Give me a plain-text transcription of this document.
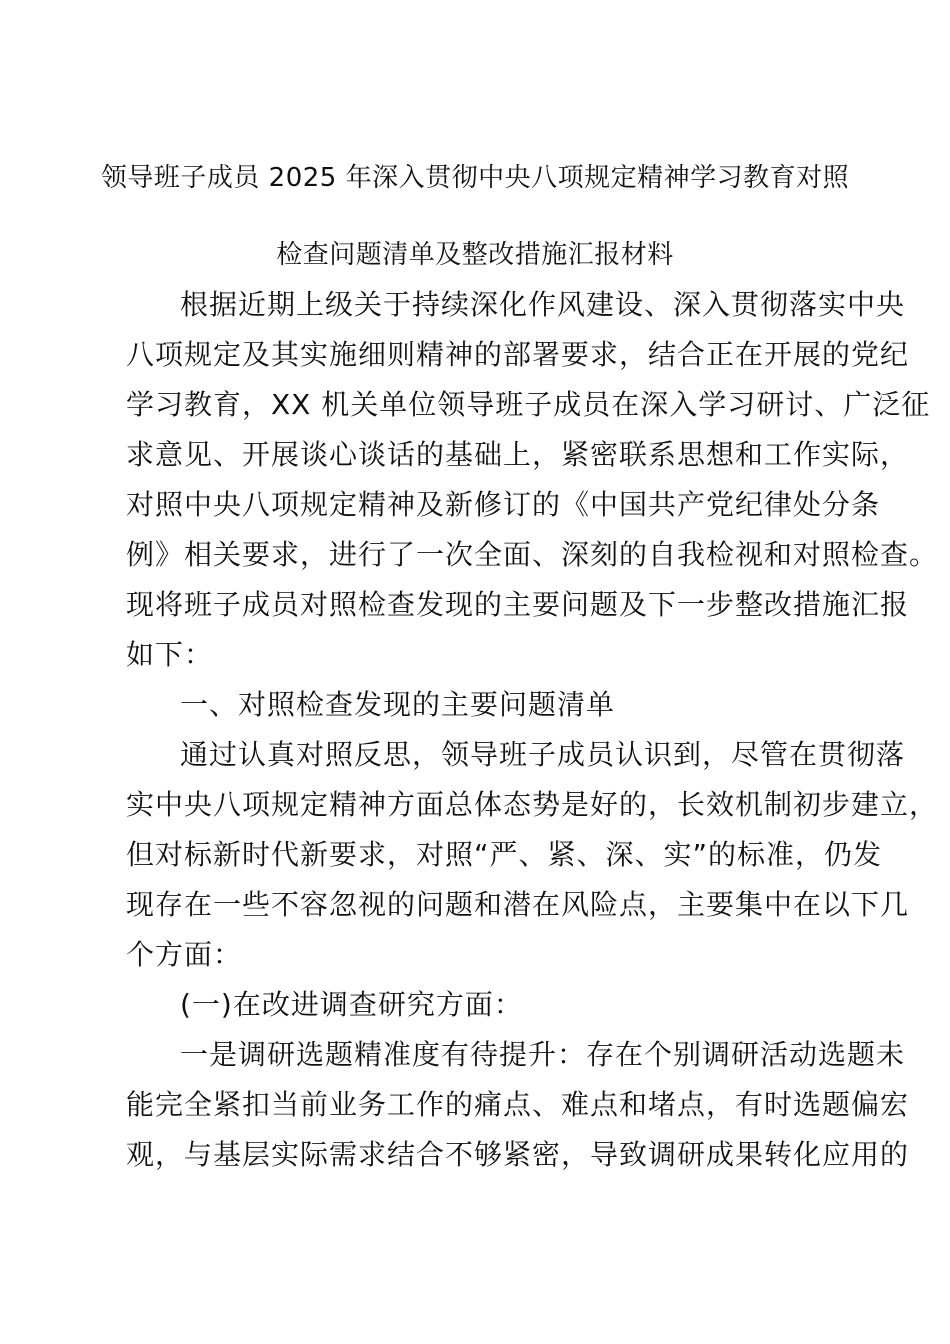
领导班子成员 2025 年深入贯彻中央八项规定精神学习教育对照
检查问题清单及整改措施汇报材料
根据近期上级关于持续深化作风建设、深入贯彻落实中央
八项规定及其实施细则精神的部署要求，结合正在开展的党纪
学习教育，XX 机关单位领导班子成员在深入学习研讨、广泛征
求意见、开展谈心谈话的基础上，紧密联系思想和工作实际，
对照中央八项规定精神及新修订的《中国共产党纪律处分条
例》相关要求，进行了一次全面、深刻的自我检视和对照检查。
现将班子成员对照检查发现的主要问题及下一步整改措施汇报
如下：
一、对照检查发现的主要问题清单
通过认真对照反思，领导班子成员认识到，尽管在贯彻落
实中央八项规定精神方面总体态势是好的，长效机制初步建立，
但对标新时代新要求，对照“严、紧、深、实”的标准，仍发
现存在一些不容忽视的问题和潜在风险点，主要集中在以下几
个方面：
(一)在改进调查研究方面：
一是调研选题精准度有待提升：存在个别调研活动选题未
能完全紧扣当前业务工作的痛点、难点和堵点，有时选题偏宏
观，与基层实际需求结合不够紧密，导致调研成果转化应用的
